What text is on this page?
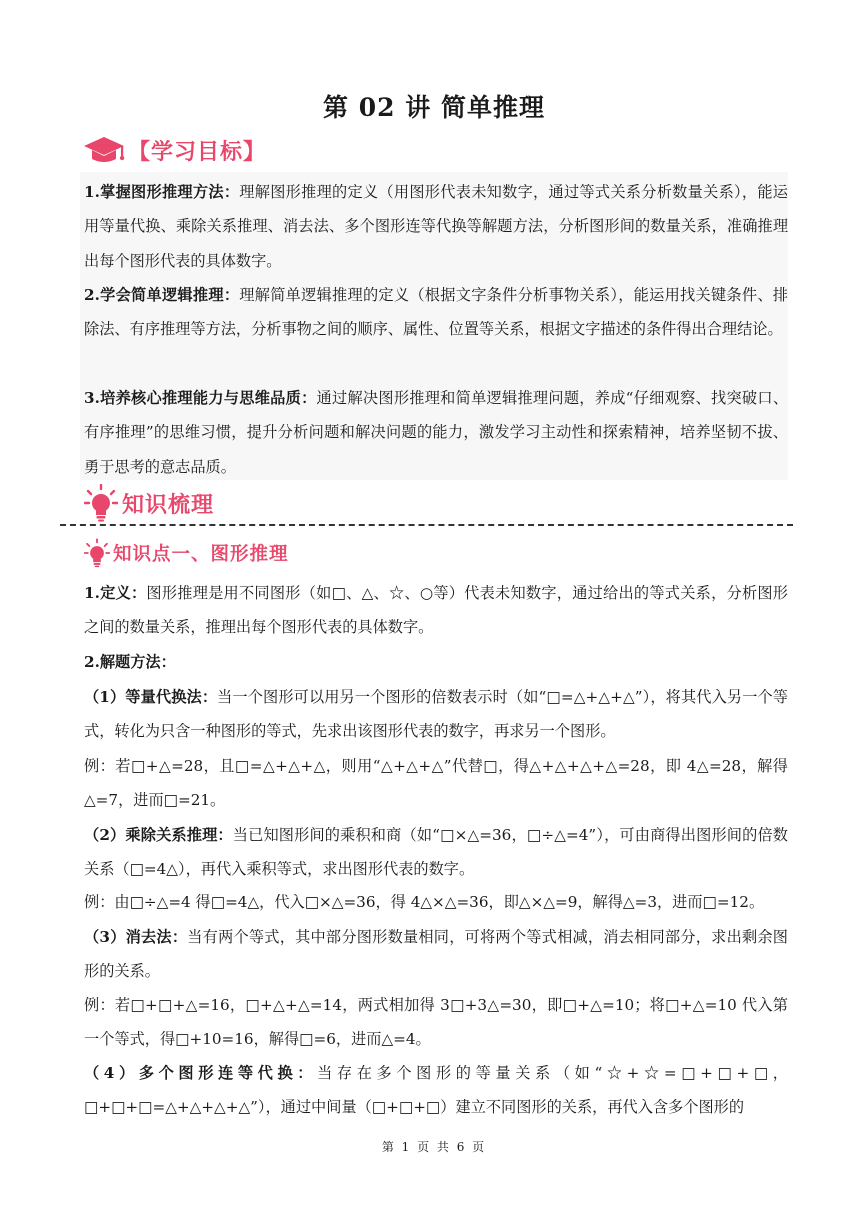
第 02 讲 简单推理
【学习目标】

1.掌握图形推理方法：理解图形推理的定义（用图形代表未知数字，通过等式关系分析数量关系），能运用等量代换、乘除关系推理、消去法、多个图形连等代换等解题方法，分析图形间的数量关系，准确推理出每个图形代表的具体数字。

2.学会简单逻辑推理：理解简单逻辑推理的定义（根据文字条件分析事物关系），能运用找关键条件、排除法、有序推理等方法，分析事物之间的顺序、属性、位置等关系，根据文字描述的条件得出合理结论。

3.培养核心推理能力与思维品质：通过解决图形推理和简单逻辑推理问题，养成“仔细观察、找突破口、有序推理”的思维习惯，提升分析问题和解决问题的能力，激发学习主动性和探索精神，培养坚韧不拔、勇于思考的意志品质。

知识梳理
知识点一、图形推理

1.定义：图形推理是用不同图形（如□、△、☆、○等）代表未知数字，通过给出的等式关系，分析图形之间的数量关系，推理出每个图形代表的具体数字。

2.解题方法：

（1）等量代换法：当一个图形可以用另一个图形的倍数表示时（如“□=△+△+△”），将其代入另一个等式，转化为只含一种图形的等式，先求出该图形代表的数字，再求另一个图形。

例：若□+△=28，且□=△+△+△，则用“△+△+△”代替□，得△+△+△+△=28，即 4△=28，解得△=7，进而□=21。

（2）乘除关系推理：当已知图形间的乘积和商（如“□×△=36，□÷△=4”），可由商得出图形间的倍数关系（□=4△），再代入乘积等式，求出图形代表的数字。

例：由□÷△=4 得□=4△，代入□×△=36，得 4△×△=36，即△×△=9，解得△=3，进而□=12。

（3）消去法：当有两个等式，其中部分图形数量相同，可将两个等式相减，消去相同部分，求出剩余图形的关系。

例：若□+□+△=16，□+△+△=14，两式相加得 3□+3△=30，即□+△=10；将□+△=10 代入第一个等式，得□+10=16，解得□=6，进而△=4。

（4）多个图形连等代换：当存在多个图形的等量关系（如“☆+☆=□+□+□，□+□+□=△+△+△+△”），通过中间量（□+□+□）建立不同图形的关系，再代入含多个图形的

第 1 页 共 6 页
